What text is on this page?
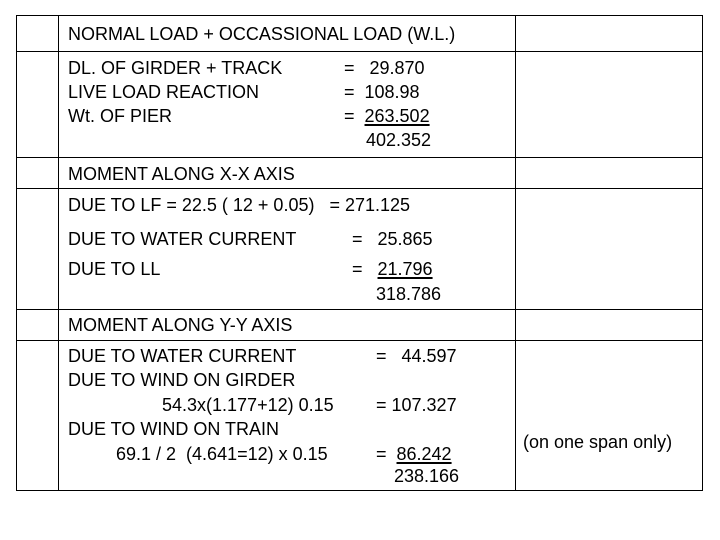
NORMAL LOAD + OCCASSIONAL LOAD (W.L.)
DL. OF GIRDER + TRACK	=   29.870
LIVE LOAD REACTION	=  108.98
Wt. OF PIER	=  263.502
402.352
MOMENT ALONG X-X AXIS
DUE TO LF = 22.5 ( 12 + 0.05)   = 271.125
DUE TO WATER CURRENT	=   25.865
DUE TO LL	=   21.796
318.786
MOMENT ALONG Y-Y AXIS
DUE TO WATER CURRENT	=   44.597
DUE TO WIND ON GIRDER
54.3x(1.177+12) 0.15 = 107.327
DUE TO WIND ON TRAIN
69.1 / 2  (4.641=12) x 0.15	=  86.242
238.166
(on one span only)
